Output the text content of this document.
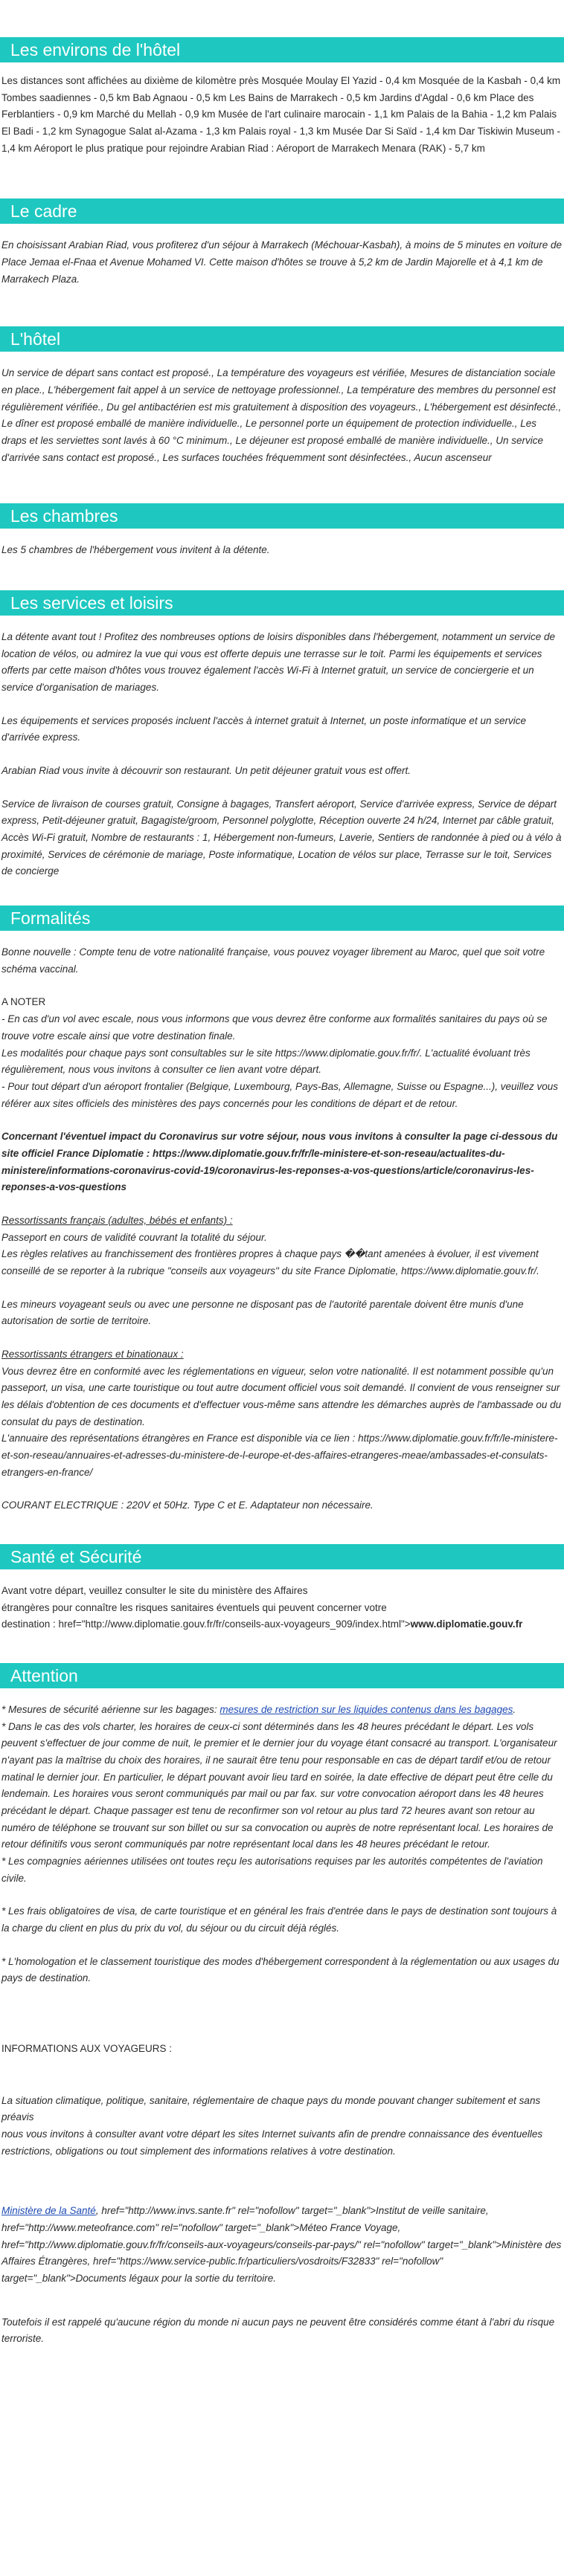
Les environs de l'hôtel

Les distances sont affichées au dixième de kilomètre près Mosquée Moulay El Yazid - 0,4 km Mosquée de la Kasbah - 0,4 km Tombes saadiennes - 0,5 km Bab Agnaou - 0,5 km Les Bains de Marrakech - 0,5 km Jardins d'Agdal - 0,6 km Place des Ferblantiers - 0,9 km Marché du Mellah - 0,9 km Musée de l'art culinaire marocain - 1,1 km Palais de la Bahia - 1,2 km Palais El Badi - 1,2 km Synagogue Salat al-Azama - 1,3 km Palais royal - 1,3 km Musée Dar Si Saïd - 1,4 km Dar Tiskiwin Museum - 1,4 km Aéroport le plus pratique pour rejoindre Arabian Riad : Aéroport de Marrakech Menara (RAK) - 5,7 km

Le cadre

En choisissant Arabian Riad, vous profiterez d'un séjour à Marrakech (Méchouar-Kasbah), à moins de 5 minutes en voiture de Place Jemaa el-Fnaa et Avenue Mohamed VI. Cette maison d'hôtes se trouve à 5,2 km de Jardin Majorelle et à 4,1 km de Marrakech Plaza.

L'hôtel

Un service de départ sans contact est proposé., La température des voyageurs est vérifiée, Mesures de distanciation sociale en place., L'hébergement fait appel à un service de nettoyage professionnel., La température des membres du personnel est régulièrement vérifiée., Du gel antibactérien est mis gratuitement à disposition des voyageurs., L'hébergement est désinfecté., Le dîner est proposé emballé de manière individuelle., Le personnel porte un équipement de protection individuelle., Les draps et les serviettes sont lavés à 60 °C minimum., Le déjeuner est proposé emballé de manière individuelle., Un service d'arrivée sans contact est proposé., Les surfaces touchées fréquemment sont désinfectées., Aucun ascenseur

Les chambres

Les 5 chambres de l'hébergement vous invitent à la détente.

Les services et loisirs

La détente avant tout ! Profitez des nombreuses options de loisirs disponibles dans l'hébergement, notamment un service de location de vélos, ou admirez la vue qui vous est offerte depuis une terrasse sur le toit. Parmi les équipements et services offerts par cette maison d'hôtes vous trouvez également l'accès Wi-Fi à Internet gratuit, un service de conciergerie et un service d'organisation de mariages.

Les équipements et services proposés incluent l'accès à internet gratuit à Internet, un poste informatique et un service d'arrivée express.

Arabian Riad vous invite à découvrir son restaurant. Un petit déjeuner gratuit vous est offert.

Service de livraison de courses gratuit, Consigne à bagages, Transfert aéroport, Service d'arrivée express, Service de départ express, Petit-déjeuner gratuit, Bagagiste/groom, Personnel polyglotte, Réception ouverte 24 h/24, Internet par câble gratuit, Accès Wi-Fi gratuit, Nombre de restaurants : 1, Hébergement non-fumeurs, Laverie, Sentiers de randonnée à pied ou à vélo à proximité, Services de cérémonie de mariage, Poste informatique, Location de vélos sur place, Terrasse sur le toit, Services de concierge

Formalités

Bonne nouvelle : Compte tenu de votre nationalité française, vous pouvez voyager librement au Maroc, quel que soit votre schéma vaccinal.

A NOTER

- En cas d'un vol avec escale, nous vous informons que vous devrez être conforme aux formalités sanitaires du pays où se trouve votre escale ainsi que votre destination finale.

Les modalités pour chaque pays sont consultables sur le site https://www.diplomatie.gouv.fr/fr/. L'actualité évoluant très régulièrement, nous vous invitons à consulter ce lien avant votre départ.

- Pour tout départ d'un aéroport frontalier (Belgique, Luxembourg, Pays-Bas, Allemagne, Suisse ou Espagne...), veuillez vous référer aux sites officiels des ministères des pays concernés pour les conditions de départ et de retour.

Concernant l'éventuel impact du Coronavirus sur votre séjour, nous vous invitons à consulter la page ci-dessous du site officiel France Diplomatie : https://www.diplomatie.gouv.fr/fr/le-ministere-et-son-reseau/actualites-du-ministere/informations-coronavirus-covid-19/coronavirus-les-reponses-a-vos-questions/article/coronavirus-les-reponses-a-vos-questions

Ressortissants français (adultes, bébés et enfants) :

Passeport en cours de validité couvrant la totalité du séjour.

Les règles relatives au franchissement des frontières propres à chaque pays ��tant amenées à évoluer, il est vivement conseillé de se reporter à la rubrique "conseils aux voyageurs" du site France Diplomatie, https://www.diplomatie.gouv.fr/.

Les mineurs voyageant seuls ou avec une personne ne disposant pas de l'autorité parentale doivent être munis d'une autorisation de sortie de territoire.

Ressortissants étrangers et binationaux :

Vous devrez être en conformité avec les réglementations en vigueur, selon votre nationalité. Il est notamment possible qu'un passeport, un visa, une carte touristique ou tout autre document officiel vous soit demandé. Il convient de vous renseigner sur les délais d'obtention de ces documents et d'effectuer vous-même sans attendre les démarches auprès de l'ambassade ou du consulat du pays de destination.

L'annuaire des représentations étrangères en France est disponible via ce lien : https://www.diplomatie.gouv.fr/fr/le-ministere-et-son-reseau/annuaires-et-adresses-du-ministere-de-l-europe-et-des-affaires-etrangeres-meae/ambassades-et-consulats-etrangers-en-france/

COURANT ELECTRIQUE : 220V et 50Hz. Type C et E. Adaptateur non nécessaire.

Santé et Sécurité

Avant votre départ, veuillez consulter le site du ministère des Affaires

étrangères pour connaître les risques sanitaires éventuels qui peuvent concerner votre

destination : href="http://www.diplomatie.gouv.fr/fr/conseils-aux-voyageurs_909/index.html">www.diplomatie.gouv.fr

Attention

* Mesures de sécurité aérienne sur les bagages: mesures de restriction sur les liquides contenus dans les bagages.

* Dans le cas des vols charter, les horaires de ceux-ci sont déterminés dans les 48 heures précédant le départ. Les vols peuvent s'effectuer de jour comme de nuit, le premier et le dernier jour du voyage étant consacré au transport. L'organisateur n'ayant pas la maîtrise du choix des horaires, il ne saurait être tenu pour responsable en cas de départ tardif et/ou de retour matinal le dernier jour. En particulier, le départ pouvant avoir lieu tard en soirée, la date effective de départ peut être celle du lendemain. Les horaires vous seront communiqués par mail ou par fax. sur votre convocation aéroport dans les 48 heures précédant le départ. Chaque passager est tenu de reconfirmer son vol retour au plus tard 72 heures avant son retour au numéro de téléphone se trouvant sur son billet ou sur sa convocation ou auprès de notre représentant local. Les horaires de retour définitifs vous seront communiqués par notre représentant local dans les 48 heures précédant le retour.

* Les compagnies aériennes utilisées ont toutes reçu les autorisations requises par les autorités compétentes de l'aviation civile.

* Les frais obligatoires de visa, de carte touristique et en général les frais d'entrée dans le pays de destination sont toujours à la charge du client en plus du prix du vol, du séjour ou du circuit déjà réglés.

* L'homologation et le classement touristique des modes d'hébergement correspondent à la réglementation ou aux usages du pays de destination.

INFORMATIONS AUX VOYAGEURS :

La situation climatique, politique, sanitaire, réglementaire de chaque pays du monde pouvant changer subitement et sans préavis

nous vous invitons à consulter avant votre départ les sites Internet suivants afin de prendre connaissance des éventuelles restrictions, obligations ou tout simplement des informations relatives à votre destination.

Ministère de la Santé, href="http://www.invs.sante.fr" rel="nofollow" target="_blank">Institut de veille sanitaire, href="http://www.meteofrance.com" rel="nofollow" target="_blank">Méteo France Voyage, href="http://www.diplomatie.gouv.fr/fr/conseils-aux-voyageurs/conseils-par-pays/" rel="nofollow" target="_blank">Ministère des Affaires Étrangères, href="https://www.service-public.fr/particuliers/vosdroits/F32833" rel="nofollow" target="_blank">Documents légaux pour la sortie du territoire.

Toutefois il est rappelé qu'aucune région du monde ni aucun pays ne peuvent être considérés comme étant à l'abri du risque terroriste.
